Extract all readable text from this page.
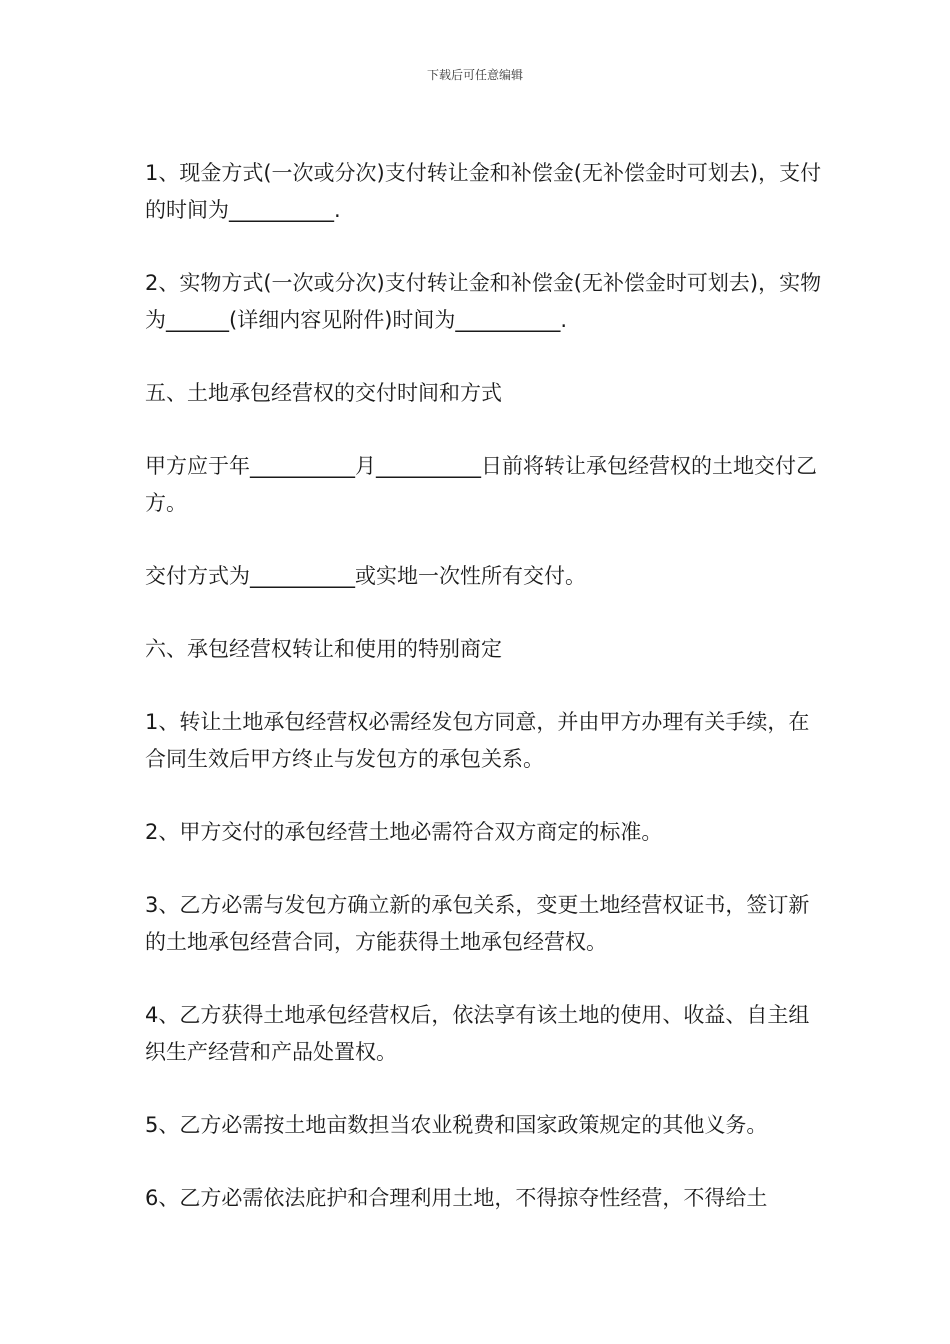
下载后可任意编辑

1、现金方式(一次或分次)支付转让金和补偿金(无补偿金时可划去)，支付的时间为__________.

2、实物方式(一次或分次)支付转让金和补偿金(无补偿金时可划去)，实物为______(详细内容见附件)时间为__________.

五、土地承包经营权的交付时间和方式

甲方应于年__________月__________日前将转让承包经营权的土地交付乙方。

交付方式为__________或实地一次性所有交付。

六、承包经营权转让和使用的特别商定

1、转让土地承包经营权必需经发包方同意，并由甲方办理有关手续，在合同生效后甲方终止与发包方的承包关系。

2、甲方交付的承包经营土地必需符合双方商定的标准。

3、乙方必需与发包方确立新的承包关系，变更土地经营权证书，签订新的土地承包经营合同，方能获得土地承包经营权。

4、乙方获得土地承包经营权后，依法享有该土地的使用、收益、自主组织生产经营和产品处置权。

5、乙方必需按土地亩数担当农业税费和国家政策规定的其他义务。

6、乙方必需依法庇护和合理利用土地，不得掠夺性经营，不得给土
